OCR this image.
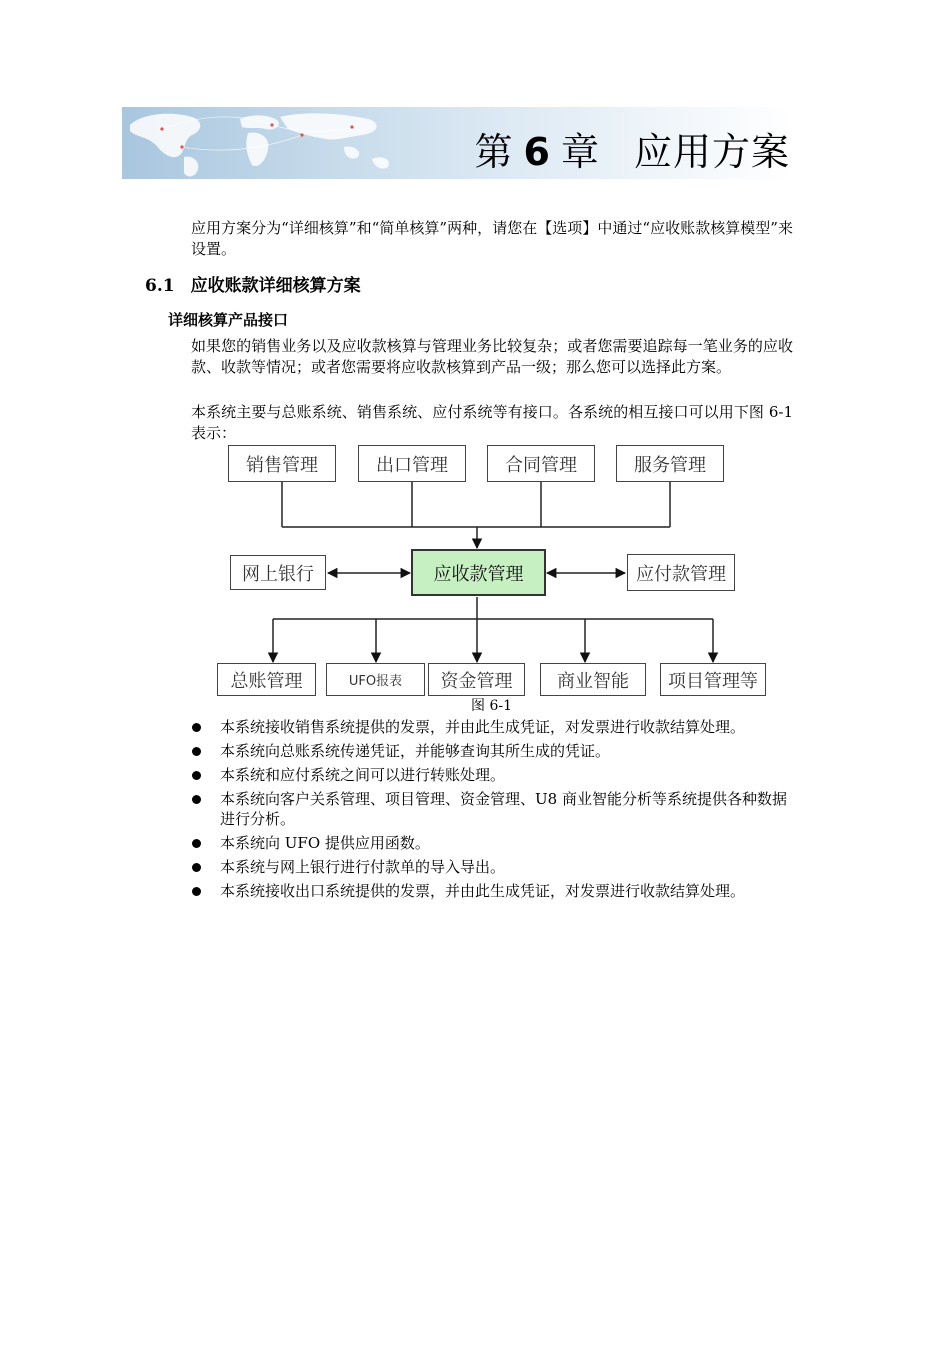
第 6 章 应用方案
应用方案分为“详细核算”和“简单核算”两种，请您在【选项】中通过“应收账款核算模型”来设置。
6.1 应收账款详细核算方案
详细核算产品接口
如果您的销售业务以及应收款核算与管理业务比较复杂；或者您需要追踪每一笔业务的应收款、收款等情况；或者您需要将应收款核算到产品一级；那么您可以选择此方案。
本系统主要与总账系统、销售系统、应付系统等有接口。各系统的相互接口可以用下图 6-1 表示：
销售管理	出口管理	合同管理	服务管理
网上银行	应收款管理	应付款管理
总账管理	UFO报表	资金管理	商业智能	项目管理等
图 6-1
本系统接收销售系统提供的发票，并由此生成凭证，对发票进行收款结算处理。
本系统向总账系统传递凭证，并能够查询其所生成的凭证。
本系统和应付系统之间可以进行转账处理。
本系统向客户关系管理、项目管理、资金管理、U8 商业智能分析等系统提供各种数据进行分析。
本系统向 UFO 提供应用函数。
本系统与网上银行进行付款单的导入导出。
本系统接收出口系统提供的发票，并由此生成凭证，对发票进行收款结算处理。
